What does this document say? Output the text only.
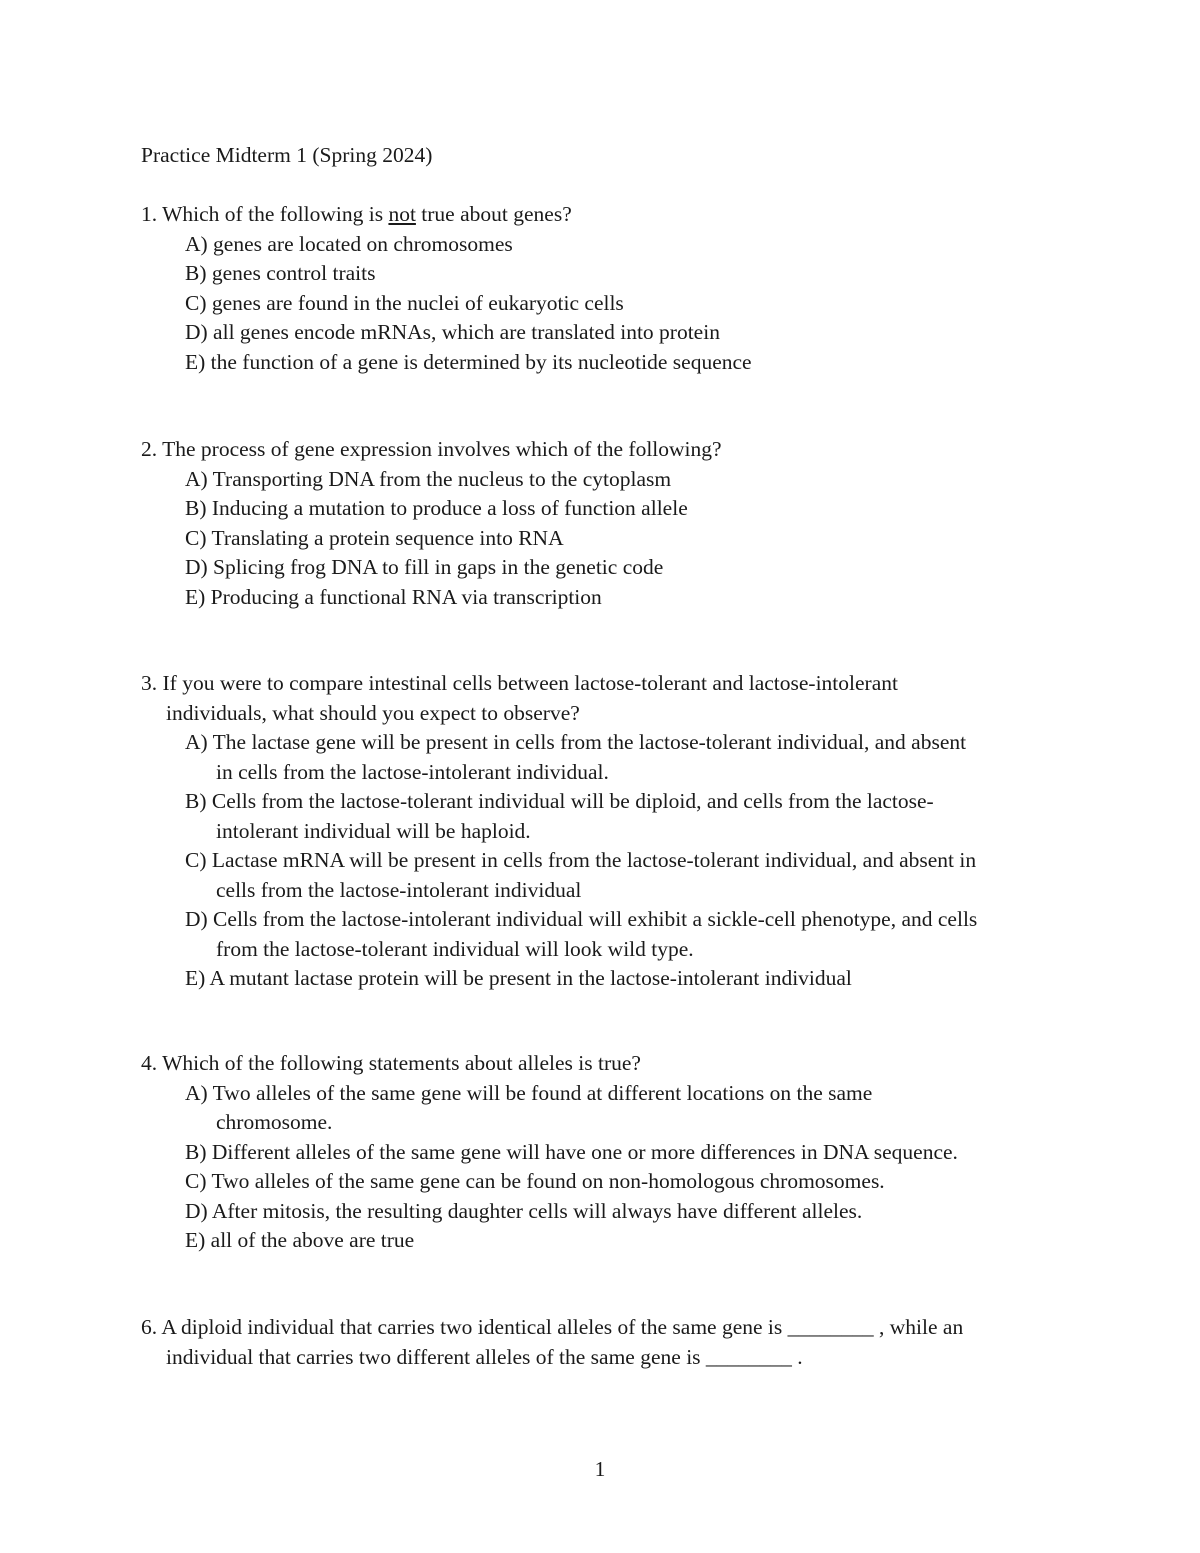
Practice Midterm 1 (Spring 2024)
1. Which of the following is not true about genes?
A) genes are located on chromosomes
B) genes control traits
C) genes are found in the nuclei of eukaryotic cells
D) all genes encode mRNAs, which are translated into protein
E) the function of a gene is determined by its nucleotide sequence
2. The process of gene expression involves which of the following?
A) Transporting DNA from the nucleus to the cytoplasm
B) Inducing a mutation to produce a loss of function allele
C) Translating a protein sequence into RNA
D) Splicing frog DNA to fill in gaps in the genetic code
E) Producing a functional RNA via transcription
3. If you were to compare intestinal cells between lactose-tolerant and lactose-intolerant
individuals, what should you expect to observe?
A) The lactase gene will be present in cells from the lactose-tolerant individual, and absent
in cells from the lactose-intolerant individual.
B) Cells from the lactose-tolerant individual will be diploid, and cells from the lactose-
intolerant individual will be haploid.
C) Lactase mRNA will be present in cells from the lactose-tolerant individual, and absent in
cells from the lactose-intolerant individual
D) Cells from the lactose-intolerant individual will exhibit a sickle-cell phenotype, and cells
from the lactose-tolerant individual will look wild type.
E) A mutant lactase protein will be present in the lactose-intolerant individual
4. Which of the following statements about alleles is true?
A) Two alleles of the same gene will be found at different locations on the same
chromosome.
B) Different alleles of the same gene will have one or more differences in DNA sequence.
C) Two alleles of the same gene can be found on non-homologous chromosomes.
D) After mitosis, the resulting daughter cells will always have different alleles.
E) all of the above are true
6. A diploid individual that carries two identical alleles of the same gene is ________ , while an
individual that carries two different alleles of the same gene is ________ .
1
